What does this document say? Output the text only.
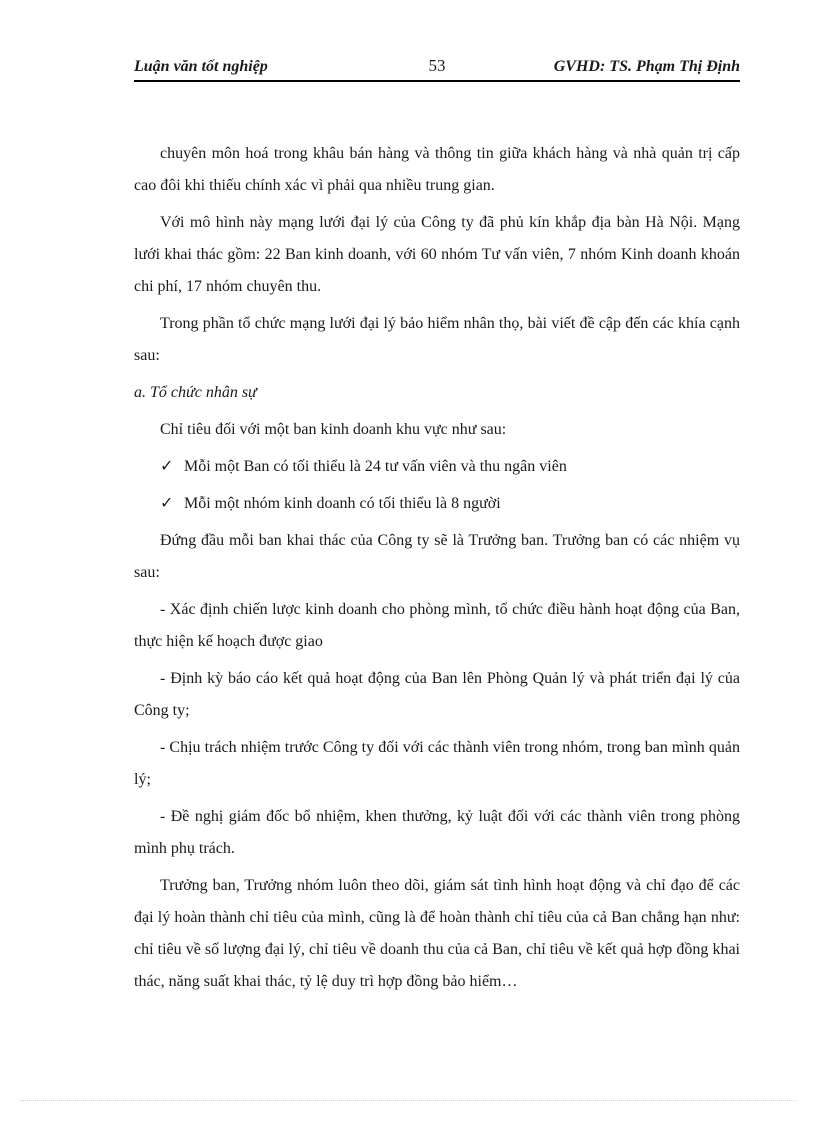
Luận văn tốt nghiệp	53	GVHD: TS. Phạm Thị Định

chuyên môn hoá trong khâu bán hàng và thông tin giữa khách hàng và nhà quản trị cấp cao đôi khi thiếu chính xác vì phải qua nhiều trung gian.

Với mô hình này mạng lưới đại lý của Công ty đã phủ kín khắp địa bàn Hà Nội. Mạng lưới khai thác gồm: 22 Ban kinh doanh, với 60 nhóm Tư vấn viên, 7 nhóm Kinh doanh khoán chi phí, 17 nhóm chuyên thu.

Trong phần tổ chức mạng lưới đại lý bảo hiểm nhân thọ, bài viết đề cập đến các khía cạnh sau:

a. Tổ chức nhân sự

Chỉ tiêu đối với một ban kinh doanh khu vực như sau:

✓ Mỗi một Ban có tối thiểu là 24 tư vấn viên và thu ngân viên
✓ Mỗi một nhóm kinh doanh có tối thiểu là 8 người

Đứng đầu mỗi ban khai thác của Công ty sẽ là Trưởng ban. Trưởng ban có các nhiệm vụ sau:

- Xác định chiến lược kinh doanh cho phòng mình, tổ chức điều hành hoạt động của Ban, thực hiện kế hoạch được giao

- Định kỳ báo cáo kết quả hoạt động của Ban lên Phòng Quản lý và phát triển đại lý của Công ty;

- Chịu trách nhiệm trước Công ty đối với các thành viên trong nhóm, trong ban mình quản lý;

- Đề nghị giám đốc bổ nhiệm, khen thưởng, kỷ luật đối với các thành viên trong phòng mình phụ trách.

Trưởng ban, Trưởng nhóm luôn theo dõi, giám sát tình hình hoạt động và chỉ đạo để các đại lý hoàn thành chỉ tiêu của mình, cũng là để hoàn thành chỉ tiêu của cả Ban chẳng hạn như: chỉ tiêu về số lượng đại lý, chỉ tiêu về doanh thu của cả Ban, chỉ tiêu về kết quả hợp đồng khai thác, năng suất khai thác, tỷ lệ duy trì hợp đồng bảo hiểm…
